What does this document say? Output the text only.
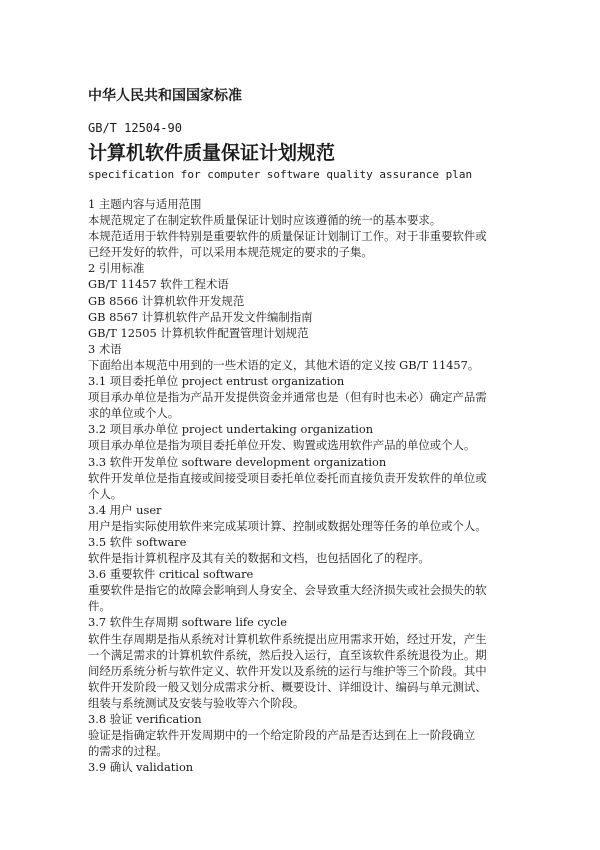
中华人民共和国国家标准
GB/T 12504-90
计算机软件质量保证计划规范
specification for computer software quality assurance plan
1 主题内容与适用范围
本规范规定了在制定软件质量保证计划时应该遵循的统一的基本要求。
本规范适用于软件特别是重要软件的质量保证计划制订工作。对于非重要软件或
已经开发好的软件，可以采用本规范规定的要求的子集。
2 引用标准
GB/T 11457 软件工程术语
GB 8566 计算机软件开发规范
GB 8567 计算机软件产品开发文件编制指南
GB/T 12505 计算机软件配置管理计划规范
3 术语
下面给出本规范中用到的一些术语的定义，其他术语的定义按 GB/T 11457。
3.1 项目委托单位 project entrust organization
项目承办单位是指为产品开发提供资金并通常也是（但有时也未必）确定产品需
求的单位或个人。
3.2 项目承办单位 project undertaking organization
项目承办单位是指为项目委托单位开发、购置或选用软件产品的单位或个人。
3.3 软件开发单位 software development organization
软件开发单位是指直接或间接受项目委托单位委托而直接负责开发软件的单位或
个人。
3.4 用户 user
用户是指实际使用软件来完成某项计算、控制或数据处理等任务的单位或个人。
3.5 软件 software
软件是指计算机程序及其有关的数据和文档，也包括固化了的程序。
3.6 重要软件 critical software
重要软件是指它的故障会影响到人身安全、会导致重大经济损失或社会损失的软
件。
3.7 软件生存周期 software life cycle
软件生存周期是指从系统对计算机软件系统提出应用需求开始，经过开发，产生
一个满足需求的计算机软件系统，然后投入运行，直至该软件系统退役为止。期
间经历系统分析与软件定义、软件开发以及系统的运行与维护等三个阶段。其中
软件开发阶段一般又划分成需求分析、概要设计、详细设计、编码与单元测试、
组装与系统测试及安装与验收等六个阶段。
3.8 验证 verification
验证是指确定软件开发周期中的一个给定阶段的产品是否达到在上一阶段确立
的需求的过程。
3.9 确认 validation
